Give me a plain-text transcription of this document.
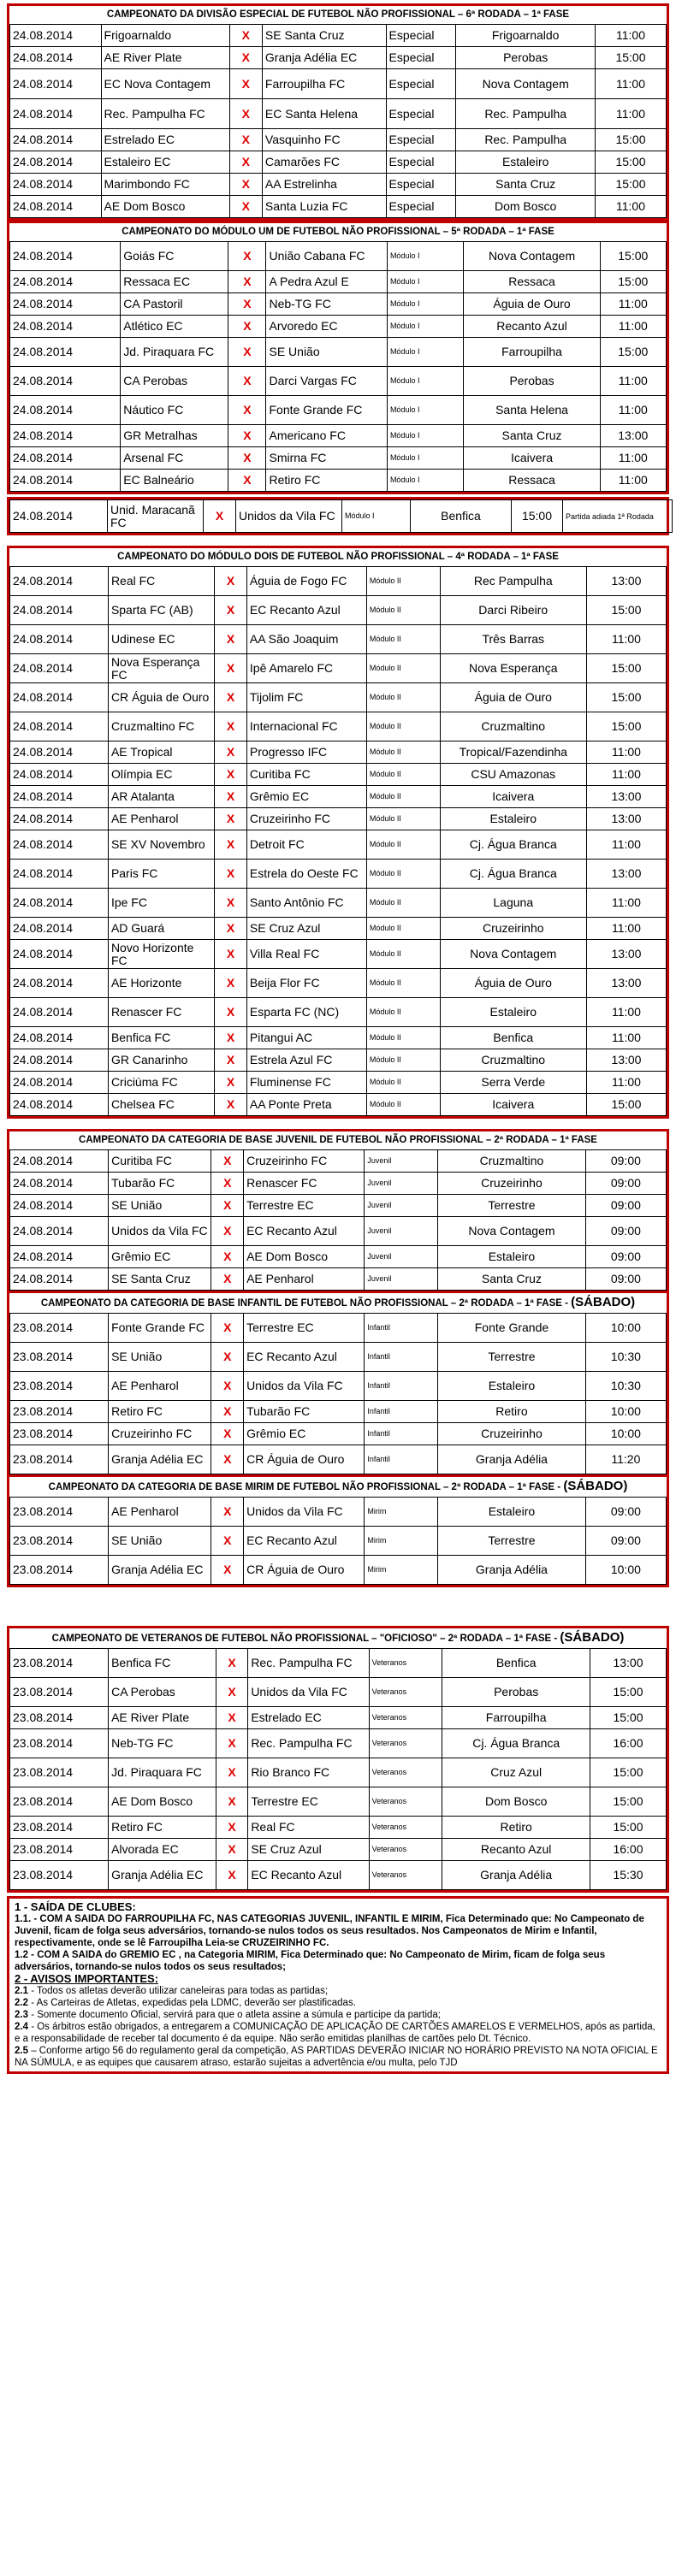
CAMPEONATO DA DIVISÃO ESPECIAL DE FUTEBOL NÃO PROFISSIONAL – 6ª RODADA – 1ª FASE
24.08.2014	Frigoarnaldo	X	SE Santa Cruz	Especial	Frigoarnaldo	11:00
24.08.2014	AE River Plate	X	Granja Adélia EC	Especial	Perobas	15:00
24.08.2014	EC Nova Contagem	X	Farroupilha FC	Especial	Nova Contagem	11:00
24.08.2014	Rec. Pampulha FC	X	EC Santa Helena	Especial	Rec. Pampulha	11:00
24.08.2014	Estrelado EC	X	Vasquinho FC	Especial	Rec. Pampulha	15:00
24.08.2014	Estaleiro EC	X	Camarões FC	Especial	Estaleiro	15:00
24.08.2014	Marimbondo FC	X	AA Estrelinha	Especial	Santa Cruz	15:00
24.08.2014	AE Dom Bosco	X	Santa Luzia FC	Especial	Dom Bosco	11:00
CAMPEONATO DO MÓDULO UM DE FUTEBOL NÃO PROFISSIONAL – 5ª RODADA – 1ª FASE
24.08.2014	Goiás FC	X	União Cabana FC	Módulo I	Nova Contagem	15:00
24.08.2014	Ressaca EC	X	A Pedra Azul E	Módulo I	Ressaca	15:00
24.08.2014	CA Pastoril	X	Neb-TG FC	Módulo I	Águia de Ouro	11:00
24.08.2014	Atlético EC	X	Arvoredo EC	Módulo I	Recanto Azul	11:00
24.08.2014	Jd. Piraquara FC	X	SE União	Módulo I	Farroupilha	15:00
24.08.2014	CA Perobas	X	Darci Vargas FC	Módulo I	Perobas	11:00
24.08.2014	Náutico FC	X	Fonte Grande FC	Módulo I	Santa Helena	11:00
24.08.2014	GR Metralhas	X	Americano FC	Módulo I	Santa Cruz	13:00
24.08.2014	Arsenal FC	X	Smirna FC	Módulo I	Icaivera	11:00
24.08.2014	EC Balneário	X	Retiro FC	Módulo I	Ressaca	11:00
24.08.2014	Unid. Maracanã FC	X	Unidos da Vila FC	Módulo I	Benfica	15:00	Partida adiada 1ª Rodada
CAMPEONATO DO MÓDULO DOIS DE FUTEBOL NÃO PROFISSIONAL – 4ª RODADA – 1ª FASE
24.08.2014	Real FC	X	Águia de Fogo FC	Módulo II	Rec Pampulha	13:00
24.08.2014	Sparta FC (AB)	X	EC Recanto Azul	Módulo II	Darci Ribeiro	15:00
24.08.2014	Udinese EC	X	AA São Joaquim	Módulo II	Três Barras	11:00
24.08.2014	Nova Esperança FC	X	Ipê Amarelo FC	Módulo II	Nova Esperança	15:00
24.08.2014	CR Águia de Ouro	X	Tijolim FC	Módulo II	Águia de Ouro	15:00
24.08.2014	Cruzmaltino FC	X	Internacional FC	Módulo II	Cruzmaltino	15:00
24.08.2014	AE Tropical	X	Progresso IFC	Módulo II	Tropical/Fazendinha	11:00
24.08.2014	Olímpia EC	X	Curitiba FC	Módulo II	CSU Amazonas	11:00
24.08.2014	AR Atalanta	X	Grêmio EC	Módulo II	Icaivera	13:00
24.08.2014	AE Penharol	X	Cruzeirinho FC	Módulo II	Estaleiro	13:00
24.08.2014	SE XV Novembro	X	Detroit FC	Módulo II	Cj. Água Branca	11:00
24.08.2014	Paris FC	X	Estrela do Oeste FC	Módulo II	Cj. Água Branca	13:00
24.08.2014	Ipe FC	X	Santo Antônio FC	Módulo II	Laguna	11:00
24.08.2014	AD Guará	X	SE Cruz Azul	Módulo II	Cruzeirinho	11:00
24.08.2014	Novo Horizonte FC	X	Villa Real FC	Módulo II	Nova Contagem	13:00
24.08.2014	AE Horizonte	X	Beija Flor FC	Módulo II	Águia de Ouro	13:00
24.08.2014	Renascer FC	X	Esparta FC (NC)	Módulo II	Estaleiro	11:00
24.08.2014	Benfica FC	X	Pitangui AC	Módulo II	Benfica	11:00
24.08.2014	GR Canarinho	X	Estrela Azul FC	Módulo II	Cruzmaltino	13:00
24.08.2014	Criciúma FC	X	Fluminense FC	Módulo II	Serra Verde	11:00
24.08.2014	Chelsea FC	X	AA Ponte Preta	Módulo II	Icaivera	15:00
CAMPEONATO DA CATEGORIA DE BASE JUVENIL DE FUTEBOL NÃO PROFISSIONAL – 2ª RODADA – 1ª FASE
24.08.2014	Curitiba FC	X	Cruzeirinho FC	Juvenil	Cruzmaltino	09:00
24.08.2014	Tubarão FC	X	Renascer FC	Juvenil	Cruzeirinho	09:00
24.08.2014	SE União	X	Terrestre EC	Juvenil	Terrestre	09:00
24.08.2014	Unidos da Vila FC	X	EC Recanto Azul	Juvenil	Nova Contagem	09:00
24.08.2014	Grêmio EC	X	AE Dom Bosco	Juvenil	Estaleiro	09:00
24.08.2014	SE Santa Cruz	X	AE Penharol	Juvenil	Santa Cruz	09:00
CAMPEONATO DA CATEGORIA DE BASE INFANTIL DE FUTEBOL NÃO PROFISSIONAL – 2ª RODADA – 1ª FASE - (SÁBADO)
23.08.2014	Fonte Grande FC	X	Terrestre EC	Infantil	Fonte Grande	10:00
23.08.2014	SE União	X	EC Recanto Azul	Infantil	Terrestre	10:30
23.08.2014	AE Penharol	X	Unidos da Vila FC	Infantil	Estaleiro	10:30
23.08.2014	Retiro FC	X	Tubarão FC	Infantil	Retiro	10:00
23.08.2014	Cruzeirinho FC	X	Grêmio EC	Infantil	Cruzeirinho	10:00
23.08.2014	Granja Adélia EC	X	CR Águia de Ouro	Infantil	Granja Adélia	11:20
CAMPEONATO DA CATEGORIA DE BASE MIRIM DE FUTEBOL NÃO PROFISSIONAL – 2ª RODADA – 1ª FASE - (SÁBADO)
23.08.2014	AE Penharol	X	Unidos da Vila FC	Mirim	Estaleiro	09:00
23.08.2014	SE União	X	EC Recanto Azul	Mirim	Terrestre	09:00
23.08.2014	Granja Adélia EC	X	CR Águia de Ouro	Mirim	Granja Adélia	10:00
CAMPEONATO DE VETERANOS DE FUTEBOL NÃO PROFISSIONAL – "OFICIOSO" – 2ª RODADA – 1ª FASE - (SÁBADO)
23.08.2014	Benfica FC	X	Rec. Pampulha FC	Veteranos	Benfica	13:00
23.08.2014	CA Perobas	X	Unidos da Vila FC	Veteranos	Perobas	15:00
23.08.2014	AE River Plate	X	Estrelado EC	Veteranos	Farroupilha	15:00
23.08.2014	Neb-TG FC	X	Rec. Pampulha FC	Veteranos	Cj. Água Branca	16:00
23.08.2014	Jd. Piraquara FC	X	Rio Branco FC	Veteranos	Cruz Azul	15:00
23.08.2014	AE Dom Bosco	X	Terrestre EC	Veteranos	Dom Bosco	15:00
23.08.2014	Retiro FC	X	Real FC	Veteranos	Retiro	15:00
23.08.2014	Alvorada EC	X	SE Cruz Azul	Veteranos	Recanto Azul	16:00
23.08.2014	Granja Adélia EC	X	EC Recanto Azul	Veteranos	Granja Adélia	15:30

1 - SAÍDA DE CLUBES:

1.1. - COM A SAIDA DO FARROUPILHA FC, NAS CATEGORIAS JUVENIL, INFANTIL E MIRIM, Fica Determinado que: No Campeonato de Juvenil, ficam de folga seus adversários, tornando-se nulos todos os seus resultados. Nos Campeonatos de Mirim e Infantil, respectivamente, onde se lê Farroupilha Leia-se CRUZEIRINHO FC.

1.2 - COM A SAIDA do GREMIO EC , na Categoria MIRIM, Fica Determinado que: No Campeonato de Mirim, ficam de folga seus adversários, tornando-se nulos todos os seus resultados;

2 - AVISOS IMPORTANTES:

2.1 - Todos os atletas deverão utilizar caneleiras para todas as partidas;

2.2 - As Carteiras de Atletas, expedidas pela LDMC, deverão ser plastificadas.

2.3 - Somente documento Oficial, servirá para que o atleta assine a súmula e participe da partida;

2.4 - Os árbitros estão obrigados, a entregarem a COMUNICAÇÃO DE APLICAÇÃO DE CARTÕES AMARELOS E VERMELHOS, após as partida, e a responsabilidade de receber tal documento é da equipe. Não serão emitidas planilhas de cartões pelo Dt. Técnico.

2.5 – Conforme artigo 56 do regulamento geral da competição, AS PARTIDAS DEVERÃO INICIAR NO HORÁRIO PREVISTO NA NOTA OFICIAL E NA SÚMULA, e as equipes que causarem atraso, estarão sujeitas a advertência e/ou multa, pelo TJD
